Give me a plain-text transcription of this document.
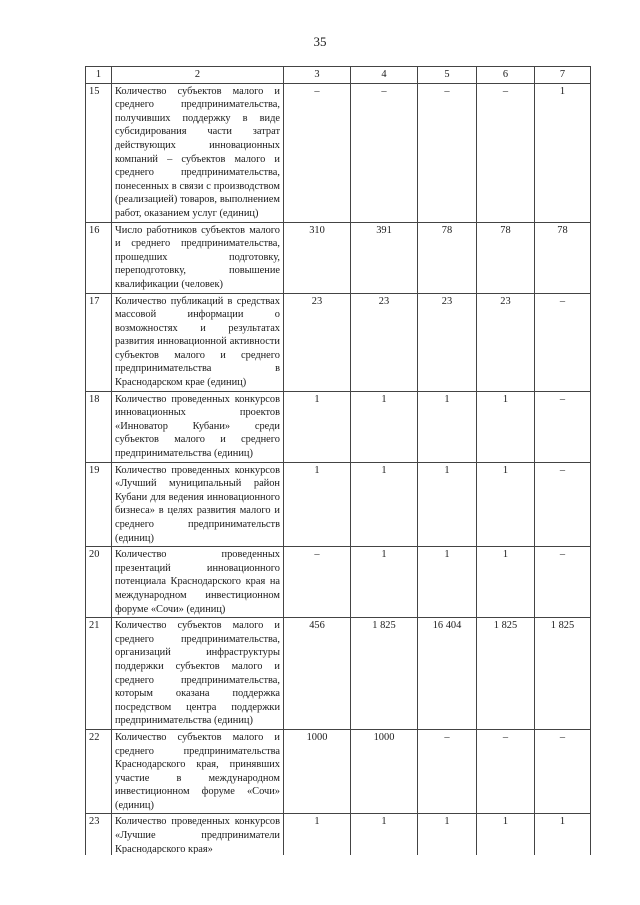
35
1	2	3	4	5	6	7
15	Количество субъектов малого и среднего предпринимательства, получивших поддержку в виде субсидирования части затрат действующих инновационных компаний – субъектов малого и среднего предпринимательства, понесенных в связи с производством (реализацией) товаров, выполнением работ, оказанием услуг (единиц)	–	–	–	–	1
16	Число работников субъектов малого и среднего предпринимательства, прошедших подготовку, переподготовку, повышение квалификации (человек)	310	391	78	78	78
17	Количество публикаций в средствах массовой информации о возможностях и результатах развития инновационной активности субъектов малого и среднего предпринимательства в Краснодарском крае (единиц)	23	23	23	23	–
18	Количество проведенных конкурсов инновационных проектов «Инноватор Кубани» среди субъектов малого и среднего предпринимательства (единиц)	1	1	1	1	–
19	Количество проведенных конкурсов «Лучший муниципальный район Кубани для ведения инновационного бизнеса» в целях развития малого и среднего предпринимательств (единиц)	1	1	1	1	–
20	Количество проведенных презентаций инновационного потенциала Краснодарского края на международном инвестиционном форуме «Сочи» (единиц)	–	1	1	1	–
21	Количество субъектов малого и среднего предпринимательства, организаций инфраструктуры поддержки субъектов малого и среднего предпринимательства, которым оказана поддержка посредством центра поддержки предпринимательства (единиц)	456	1 825	16 404	1 825	1 825
22	Количество субъектов малого и среднего предпринимательства Краснодарского края, принявших участие в международном инвестиционном форуме «Сочи» (единиц)	1000	1000	–	–	–
23	Количество проведенных конкурсов «Лучшие предприниматели Краснодарского края»	1	1	1	1	1
